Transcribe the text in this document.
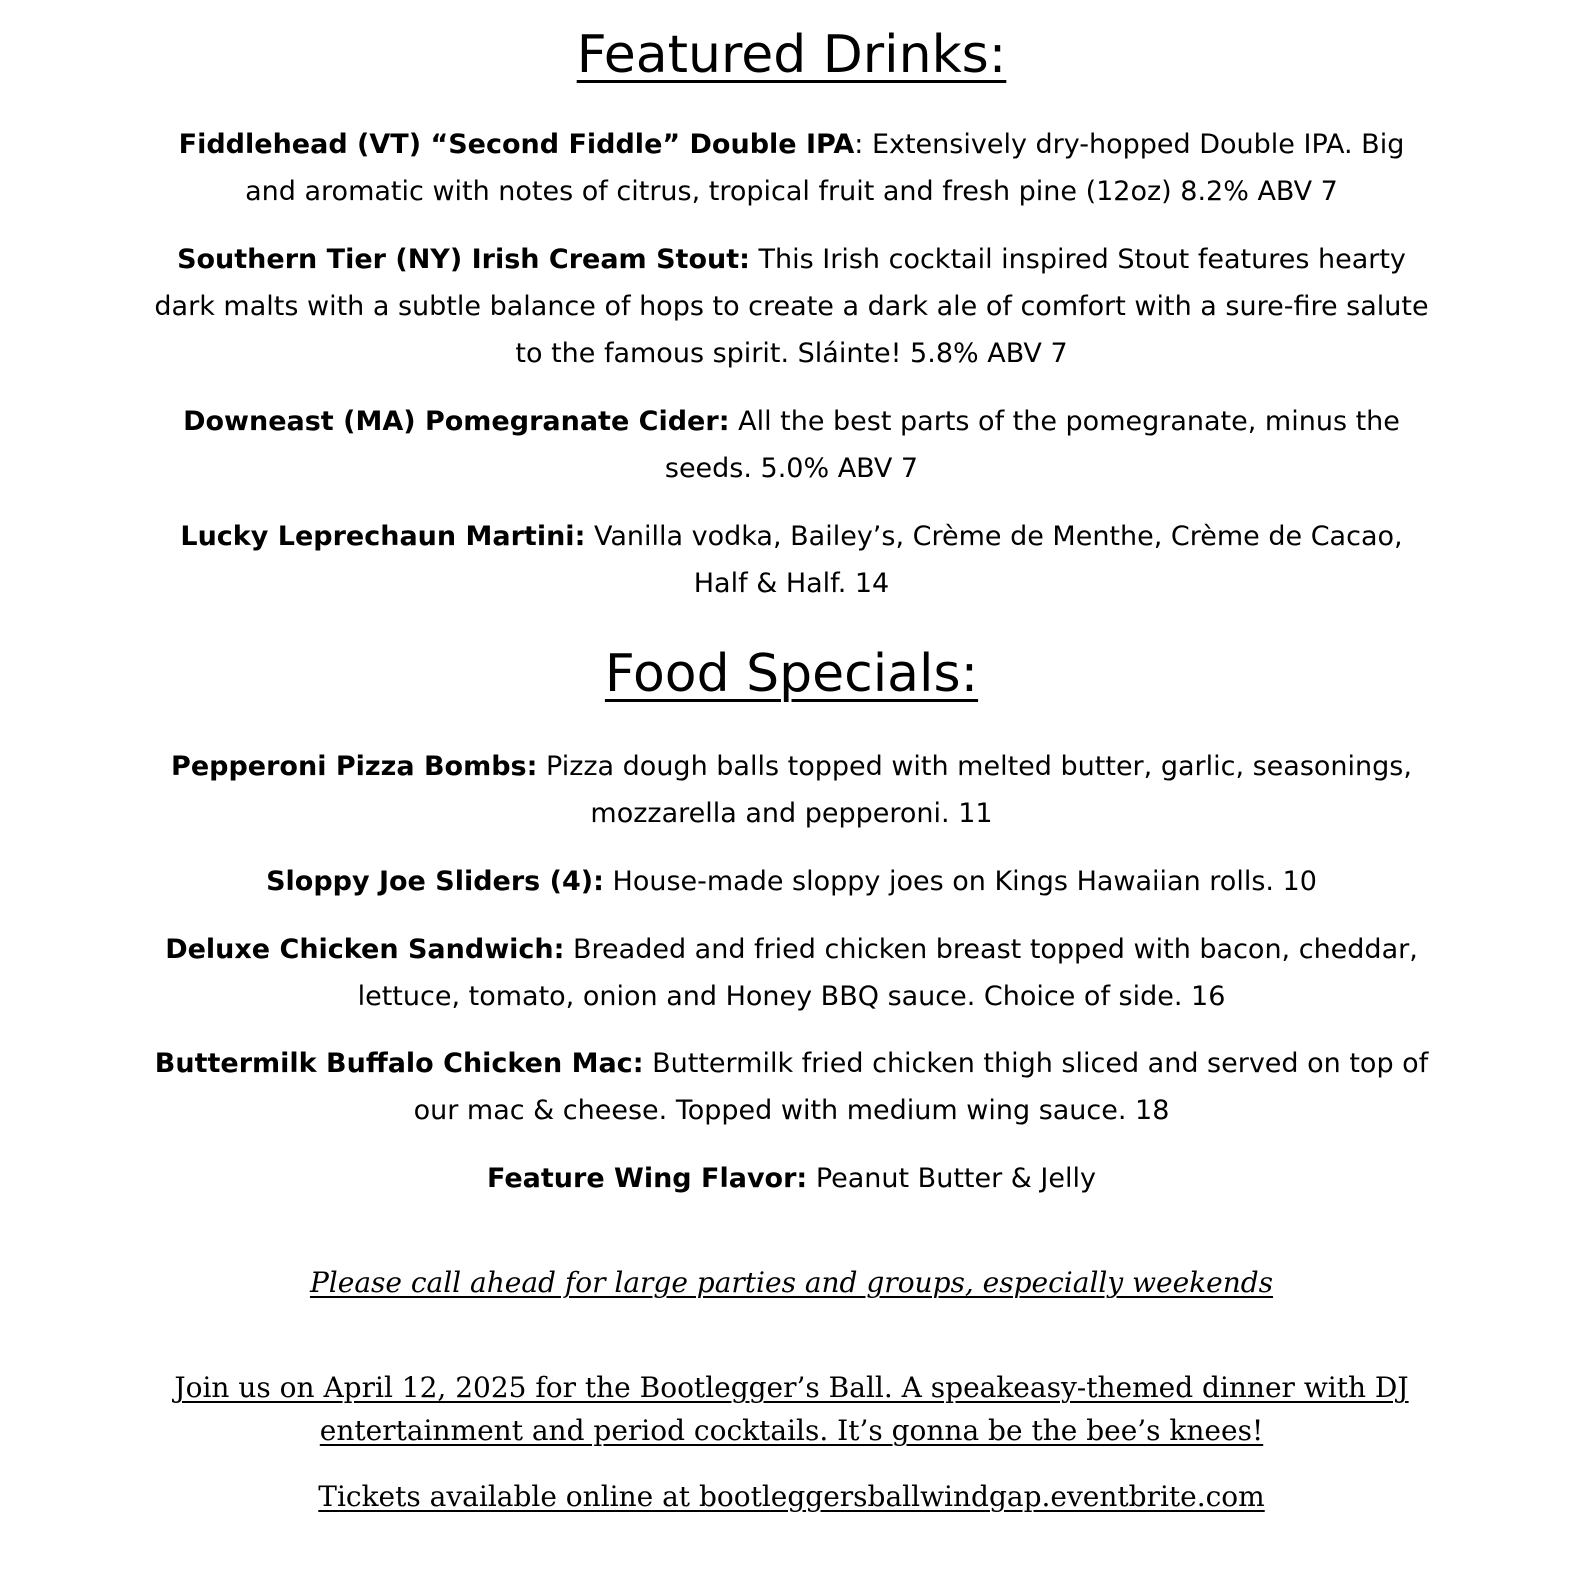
Featured Drinks:

Fiddlehead (VT) “Second Fiddle” Double IPA: Extensively dry-hopped Double IPA. Big and aromatic with notes of citrus, tropical fruit and fresh pine (12oz) 8.2% ABV 7

Southern Tier (NY) Irish Cream Stout: This Irish cocktail inspired Stout features hearty dark malts with a subtle balance of hops to create a dark ale of comfort with a sure-fire salute to the famous spirit. Sláinte! 5.8% ABV 7

Downeast (MA) Pomegranate Cider: All the best parts of the pomegranate, minus the seeds. 5.0% ABV 7

Lucky Leprechaun Martini: Vanilla vodka, Bailey’s, Crème de Menthe, Crème de Cacao, Half & Half. 14

Food Specials:

Pepperoni Pizza Bombs: Pizza dough balls topped with melted butter, garlic, seasonings, mozzarella and pepperoni. 11

Sloppy Joe Sliders (4): House-made sloppy joes on Kings Hawaiian rolls. 10

Deluxe Chicken Sandwich: Breaded and fried chicken breast topped with bacon, cheddar, lettuce, tomato, onion and Honey BBQ sauce. Choice of side. 16

Buttermilk Buffalo Chicken Mac: Buttermilk fried chicken thigh sliced and served on top of our mac & cheese. Topped with medium wing sauce. 18

Feature Wing Flavor: Peanut Butter & Jelly

Please call ahead for large parties and groups, especially weekends

Join us on April 12, 2025 for the Bootlegger’s Ball. A speakeasy-themed dinner with DJ entertainment and period cocktails. It’s gonna be the bee’s knees!

Tickets available online at bootleggersballwindgap.eventbrite.com
